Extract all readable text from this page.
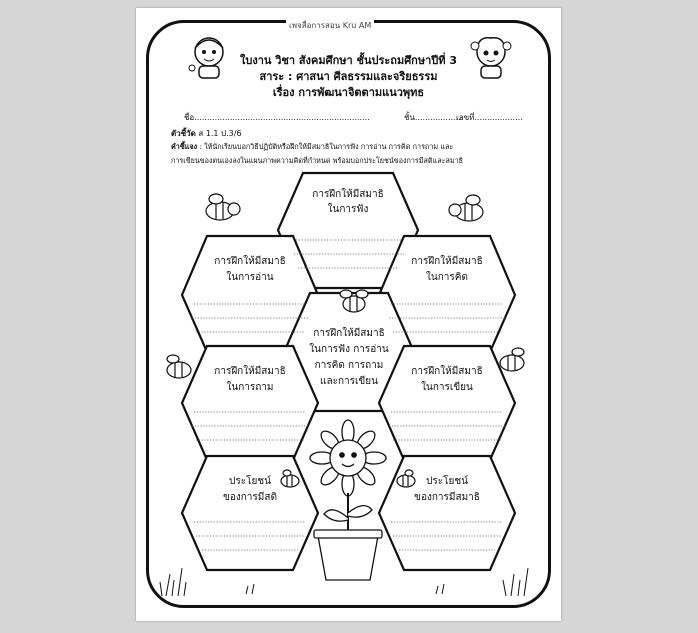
เพจสื่อการสอน Kru AM
ใบงาน วิชา สังคมศึกษา ชั้นประถมศึกษาปีที่ 3
สาระ : ศาสนา ศีลธรรมและจริยธรรม
เรื่อง การพัฒนาจิตตามแนวพุทธ
ชื่อ.....................................................................	ชั้น...................
เลขที่...................
ตัวชี้วัด ส 1.1 ป.3/6
คำชี้แจง : ให้นักเรียนบอกวิธีปฏิบัติหรือฝึกให้มีสมาธิในการฟัง การอ่าน การคิด การถาม และ
การเขียนของตนเองลงในแผนภาพความคิดที่กำหนด พร้อมบอกประโยชน์ของการมีสติและสมาธิ
การฝึกให้มีสมาธิ
ในการฟัง
การฝึกให้มีสมาธิ
ในการอ่าน
การฝึกให้มีสมาธิ
ในการคิด
การฝึกให้มีสมาธิ
ในการฟัง การอ่าน
การคิด การถาม
และการเขียน
การฝึกให้มีสมาธิ
ในการถาม
การฝึกให้มีสมาธิ
ในการเขียน
ประโยชน์
ของการมีสติ
ประโยชน์
ของการมีสมาธิ
